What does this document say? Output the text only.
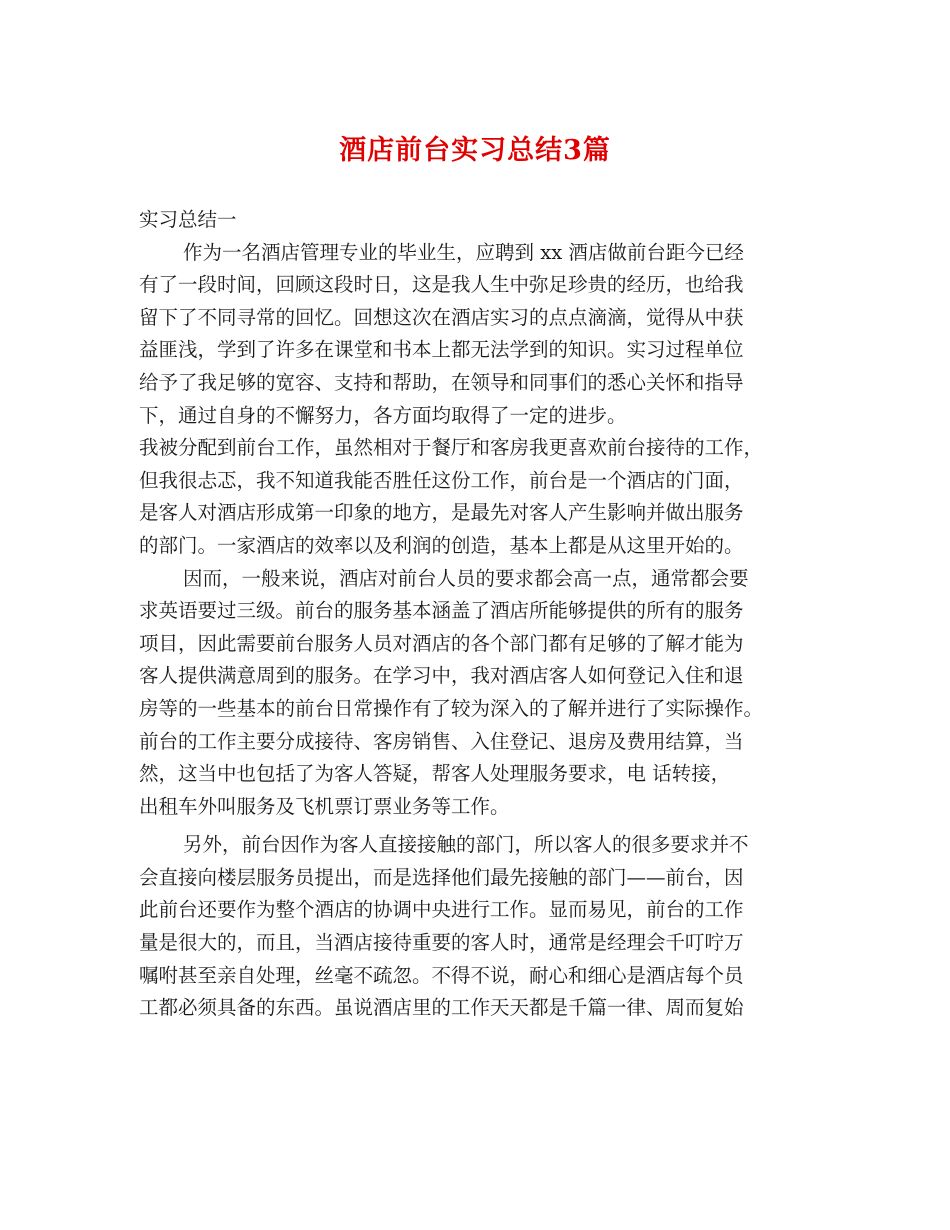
酒店前台实习总结3篇
实习总结一
作为一名酒店管理专业的毕业生，应聘到 xx 酒店做前台距今已经
有了一段时间，回顾这段时日，这是我人生中弥足珍贵的经历，也给我
留下了不同寻常的回忆。回想这次在酒店实习的点点滴滴，觉得从中获
益匪浅，学到了许多在课堂和书本上都无法学到的知识。实习过程单位
给予了我足够的宽容、支持和帮助，在领导和同事们的悉心关怀和指导
下，通过自身的不懈努力，各方面均取得了一定的进步。
我被分配到前台工作，虽然相对于餐厅和客房我更喜欢前台接待的工作，
但我很忐忑，我不知道我能否胜任这份工作，前台是一个酒店的门面，
是客人对酒店形成第一印象的地方，是最先对客人产生影响并做出服务
的部门。一家酒店的效率以及利润的创造，基本上都是从这里开始的。
因而，一般来说，酒店对前台人员的要求都会高一点，通常都会要
求英语要过三级。前台的服务基本涵盖了酒店所能够提供的所有的服务
项目，因此需要前台服务人员对酒店的各个部门都有足够的了解才能为
客人提供满意周到的服务。在学习中，我对酒店客人如何登记入住和退
房等的一些基本的前台日常操作有了较为深入的了解并进行了实际操作。
前台的工作主要分成接待、客房销售、入住登记、退房及费用结算，当
然，这当中也包括了为客人答疑，帮客人处理服务要求，电 话转接，
出租车外叫服务及飞机票订票业务等工作。
另外，前台因作为客人直接接触的部门，所以客人的很多要求并不
会直接向楼层服务员提出，而是选择他们最先接触的部门——前台，因
此前台还要作为整个酒店的协调中央进行工作。显而易见，前台的工作
量是很大的，而且，当酒店接待重要的客人时，通常是经理会千叮咛万
嘱咐甚至亲自处理，丝毫不疏忽。不得不说，耐心和细心是酒店每个员
工都必须具备的东西。虽说酒店里的工作天天都是千篇一律、周而复始
